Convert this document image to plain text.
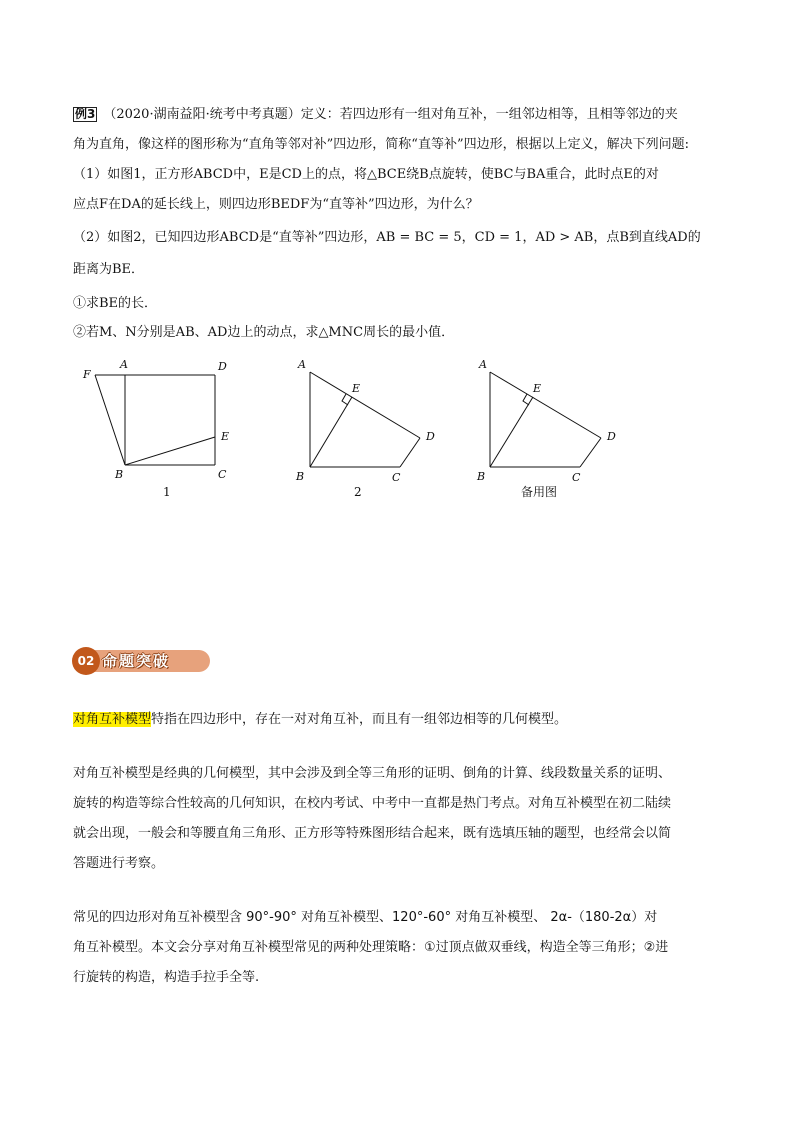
例3 （2020·湖南益阳·统考中考真题）定义：若四边形有一组对角互补，一组邻边相等，且相等邻边的夹
角为直角，像这样的图形称为“直角等邻对补”四边形，简称“直等补”四边形，根据以上定义，解决下列问题:
（1）如图1，正方形ABCD中，E是CD上的点，将△BCE绕B点旋转，使BC与BA重合，此时点E的对
应点F在DA的延长线上，则四边形BEDF为“直等补”四边形，为什么？
（2）如图2，已知四边形ABCD是“直等补”四边形，AB = BC = 5，CD = 1，AD > AB，点B到直线AD的
距离为BE．
①求BE的长．
②若M、N分别是AB、AD边上的动点，求△MNC周长的最小值．
F
A	D
E
B	C
1
A
E
D
B	C
2
A
E
D
B	C
备用图
02 命题突破
对角互补模型特指在四边形中，存在一对对角互补，而且有一组邻边相等的几何模型。
对角互补模型是经典的几何模型，其中会涉及到全等三角形的证明、倒角的计算、线段数量关系的证明、
旋转的构造等综合性较高的几何知识，在校内考试、中考中一直都是热门考点。对角互补模型在初二陆续
就会出现，一般会和等腰直角三角形、正方形等特殊图形结合起来，既有选填压轴的题型，也经常会以简
答题进行考察。
常见的四边形对角互补模型含 90°-90° 对角互补模型、120°-60° 对角互补模型、 2α-（180-2α）对
角互补模型。本文会分享对角互补模型常见的两种处理策略：①过顶点做双垂线，构造全等三角形；②进
行旋转的构造，构造手拉手全等.
